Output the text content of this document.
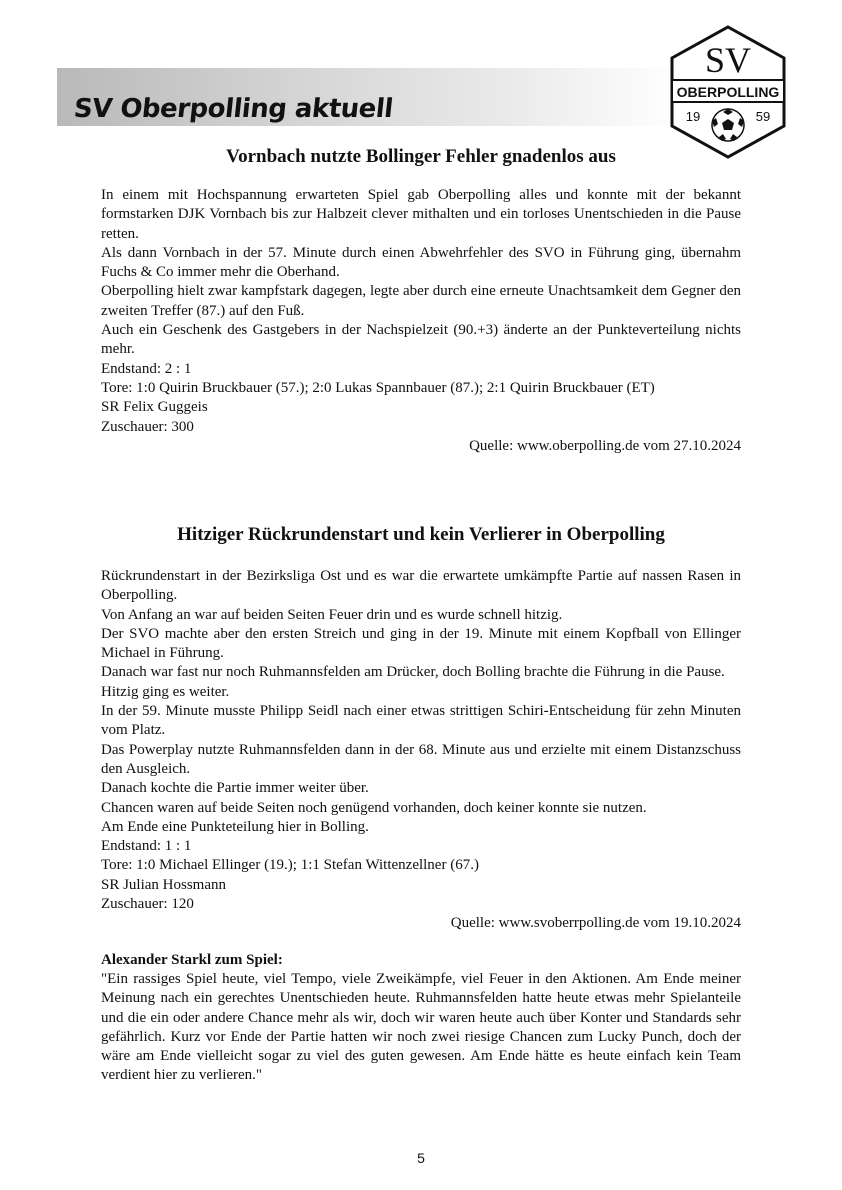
SV Oberpolling aktuell
SV
OBERPOLLING
19	59
Vornbach nutzte Bollinger Fehler gnadenlos aus

In einem mit Hochspannung erwarteten Spiel gab Oberpolling alles und konnte mit der bekannt formstarken DJK Vornbach bis zur Halbzeit clever mithalten und ein torloses Unentschieden in die Pause retten.

Als dann Vornbach in der 57. Minute durch einen Abwehrfehler des SVO in Führung ging, übernahm Fuchs & Co immer mehr die Oberhand.

Oberpolling hielt zwar kampfstark dagegen, legte aber durch eine erneute Unachtsamkeit dem Gegner den zweiten Treffer (87.) auf den Fuß.

Auch ein Geschenk des Gastgebers in der Nachspielzeit (90.+3) änderte an der Punkteverteilung nichts mehr.

Endstand: 2 : 1

Tore: 1:0 Quirin Bruckbauer (57.); 2:0 Lukas Spannbauer (87.); 2:1 Quirin Bruckbauer (ET)

SR Felix Guggeis

Zuschauer: 300

Quelle: www.oberpolling.de vom 27.10.2024

Hitziger Rückrundenstart und kein Verlierer in Oberpolling

Rückrundenstart in der Bezirksliga Ost und es war die erwartete umkämpfte Partie auf nassen Rasen in Oberpolling.

Von Anfang an war auf beiden Seiten Feuer drin und es wurde schnell hitzig.

Der SVO machte aber den ersten Streich und ging in der 19. Minute mit einem Kopfball von Ellinger Michael in Führung.

Danach war fast nur noch Ruhmannsfelden am Drücker, doch Bolling brachte die Führung in die Pause.

Hitzig ging es weiter.

In der 59. Minute musste Philipp Seidl nach einer etwas strittigen Schiri-Entscheidung für zehn Minuten vom Platz.

Das Powerplay nutzte Ruhmannsfelden dann in der 68. Minute aus und erzielte mit einem Distanzschuss den Ausgleich.

Danach kochte die Partie immer weiter über.

Chancen waren auf beide Seiten noch genügend vorhanden, doch keiner konnte sie nutzen.

Am Ende eine Punkteteilung hier in Bolling.

Endstand: 1 : 1

Tore: 1:0 Michael Ellinger (19.); 1:1 Stefan Wittenzellner (67.)

SR Julian Hossmann

Zuschauer: 120

Quelle: www.svoberrpolling.de vom 19.10.2024

Alexander Starkl zum Spiel:

"Ein rassiges Spiel heute, viel Tempo, viele Zweikämpfe, viel Feuer in den Aktionen. Am Ende meiner Meinung nach ein gerechtes Unentschieden heute. Ruhmannsfelden hatte heute etwas mehr Spielanteile und die ein oder andere Chance mehr als wir, doch wir waren heute auch über Konter und Standards sehr gefährlich. Kurz vor Ende der Partie hatten wir noch zwei riesige Chancen zum Lucky Punch, doch der wäre am Ende vielleicht sogar zu viel des guten gewesen. Am Ende hätte es heute einfach kein Team verdient hier zu verlieren."

5
